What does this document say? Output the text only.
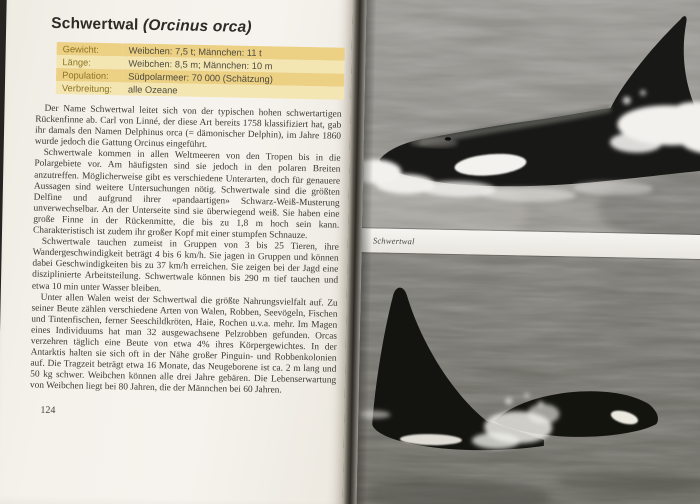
Schwertwal (Orcinus orca)
Gewicht:	Weibchen: 7,5 t; Männchen: 11 t
Länge:	Weibchen: 8,5 m; Männchen: 10 m
Population:	Südpolarmeer: 70 000 (Schätzung)
Verbreitung:	alle Ozeane

Der Name Schwertwal leitet sich von der typischen hohen schwertartigen Rückenfinne ab. Carl von Linné, der diese Art bereits 1758 klassifiziert hat, gab ihr damals den Namen Delphinus orca (= dämonischer Delphin), im Jahre 1860 wurde jedoch die Gattung Orcinus eingeführt.

Schwertwale kommen in allen Weltmeeren von den Tropen bis in die Polargebiete vor. Am häufigsten sind sie jedoch in den polaren Breiten anzutreffen. Möglicherweise gibt es verschiedene Unterarten, doch für genauere Aussagen sind weitere Untersuchungen nötig. Schwertwale sind die größten Delfine und aufgrund ihrer «pandaartigen» Schwarz-Weiß-Musterung unverwechselbar. An der Unterseite sind sie überwiegend weiß. Sie haben eine große Finne in der Rückenmitte, die bis zu 1,8 m hoch sein kann. Charakteristisch ist zudem ihr großer Kopf mit einer stumpfen Schnauze.

Schwertwale tauchen zumeist in Gruppen von 3 bis 25 Tieren, ihre Wandergeschwindigkeit beträgt 4 bis 6 km/h. Sie jagen in Gruppen und können dabei Geschwindigkeiten bis zu 37 km/h erreichen. Sie zeigen bei der Jagd eine disziplinierte Arbeitsteilung. Schwertwale können bis 290 m tief tauchen und etwa 10 min unter Wasser bleiben.

Unter allen Walen weist der Schwertwal die größte Nahrungsvielfalt auf. Zu seiner Beute zählen verschiedene Arten von Walen, Robben, Seevögeln, Fischen und Tintenfischen, ferner Seeschildkröten, Haie, Rochen u.v.a. mehr. Im Magen eines Individuums hat man 32 ausgewachsene Pelzrobben gefunden. Orcas verzehren täglich eine Beute von etwa 4% ihres Körpergewichtes. In der Antarktis halten sie sich oft in der Nähe großer Pinguin- und Robbenkolonien auf. Die Tragzeit beträgt etwa 16 Monate, das Neugeborene ist ca. 2 m lang und 50 kg schwer. Weibchen können alle drei Jahre gebären. Die Lebenserwartung von Weibchen liegt bei 80 Jahren, die der Männchen bei 60 Jahren.

124
Schwertwal
